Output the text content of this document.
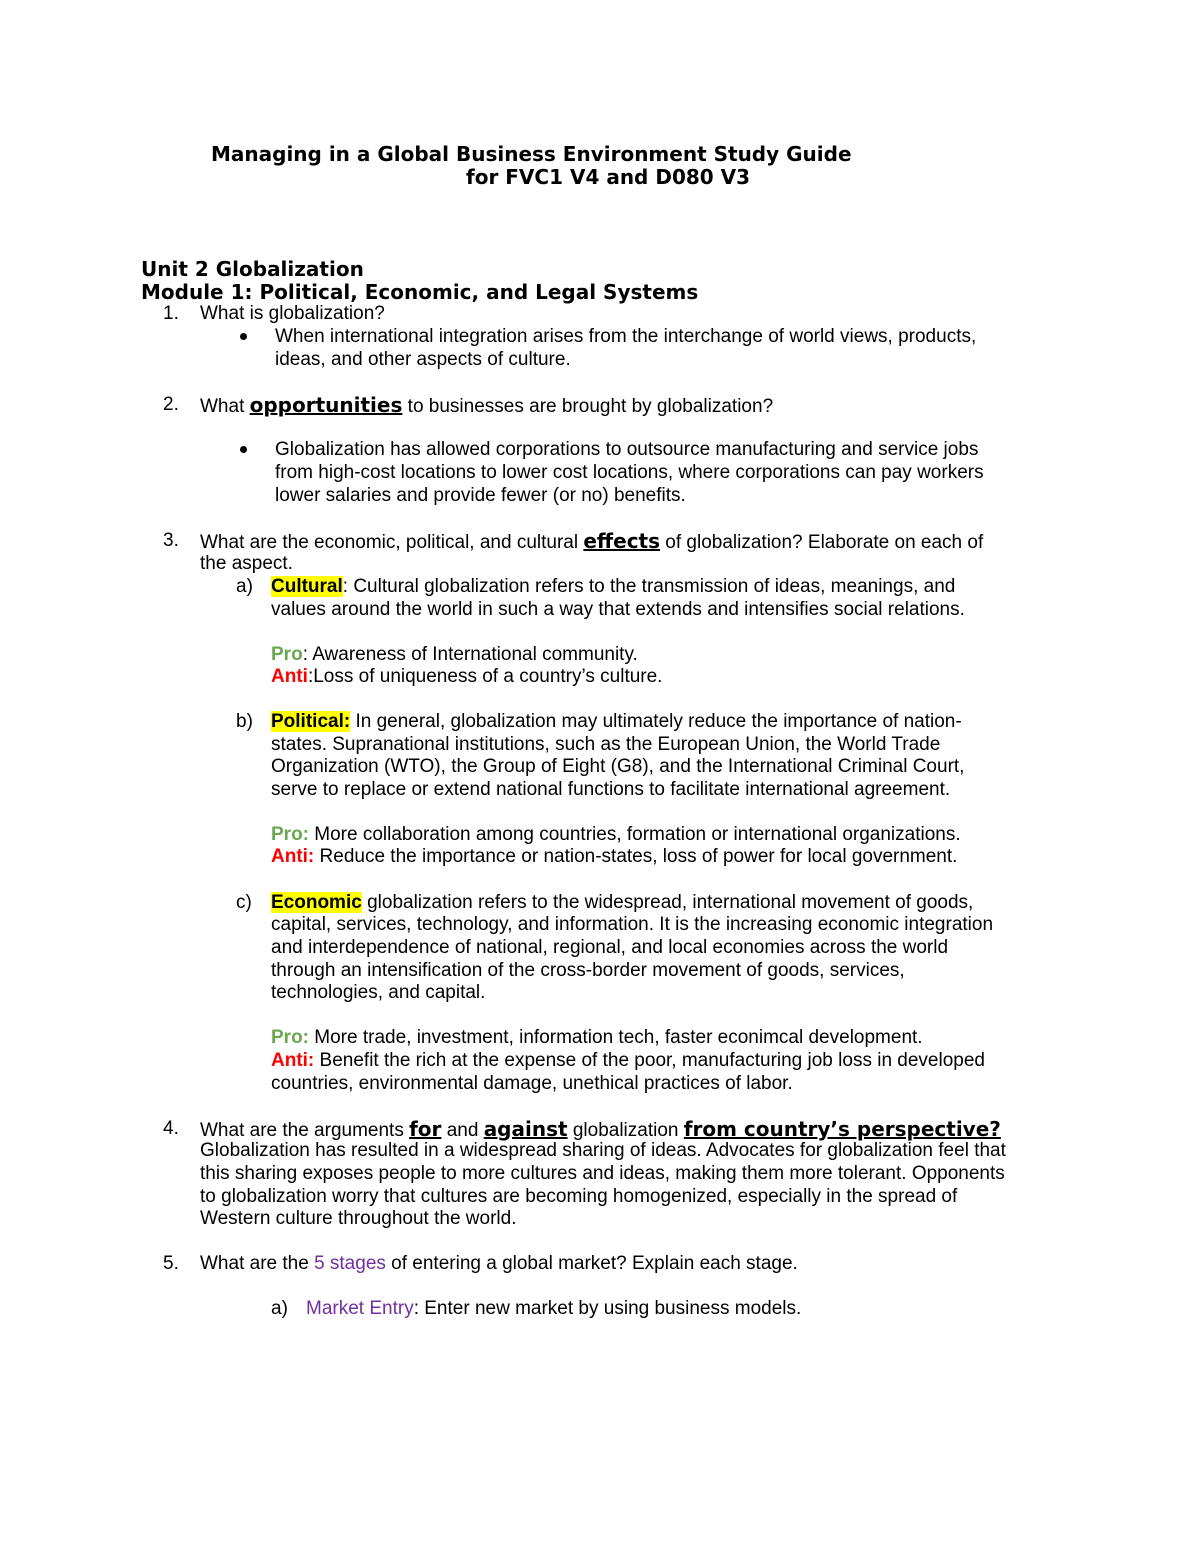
Managing in a Global Business Environment Study Guide
for FVC1 V4 and D080 V3
Unit 2 Globalization
Module 1: Political, Economic, and Legal Systems
1. What is globalization?
When international integration arises from the interchange of world views, products,
ideas, and other aspects of culture.
2. What opportunities to businesses are brought by globalization?
Globalization has allowed corporations to outsource manufacturing and service jobs
from high-cost locations to lower cost locations, where corporations can pay workers
lower salaries and provide fewer (or no) benefits.
3. What are the economic, political, and cultural effects of globalization? Elaborate on each of
the aspect.
a) Cultural: Cultural globalization refers to the transmission of ideas, meanings, and
values around the world in such a way that extends and intensifies social relations.
Pro: Awareness of International community.
Anti:Loss of uniqueness of a country’s culture.
b) Political: In general, globalization may ultimately reduce the importance of nation-
states. Supranational institutions, such as the European Union, the World Trade
Organization (WTO), the Group of Eight (G8), and the International Criminal Court,
serve to replace or extend national functions to facilitate international agreement.
Pro: More collaboration among countries, formation or international organizations.
Anti: Reduce the importance or nation-states, loss of power for local government.
c) Economic globalization refers to the widespread, international movement of goods,
capital, services, technology, and information. It is the increasing economic integration
and interdependence of national, regional, and local economies across the world
through an intensification of the cross-border movement of goods, services,
technologies, and capital.
Pro: More trade, investment, information tech, faster econimcal development.
Anti: Benefit the rich at the expense of the poor, manufacturing job loss in developed
countries, environmental damage, unethical practices of labor.
4. What are the arguments for and against globalization from country’s perspective?
Globalization has resulted in a widespread sharing of ideas. Advocates for globalization feel that
this sharing exposes people to more cultures and ideas, making them more tolerant. Opponents
to globalization worry that cultures are becoming homogenized, especially in the spread of
Western culture throughout the world.
5. What are the 5 stages of entering a global market? Explain each stage.
a) Market Entry: Enter new market by using business models.
